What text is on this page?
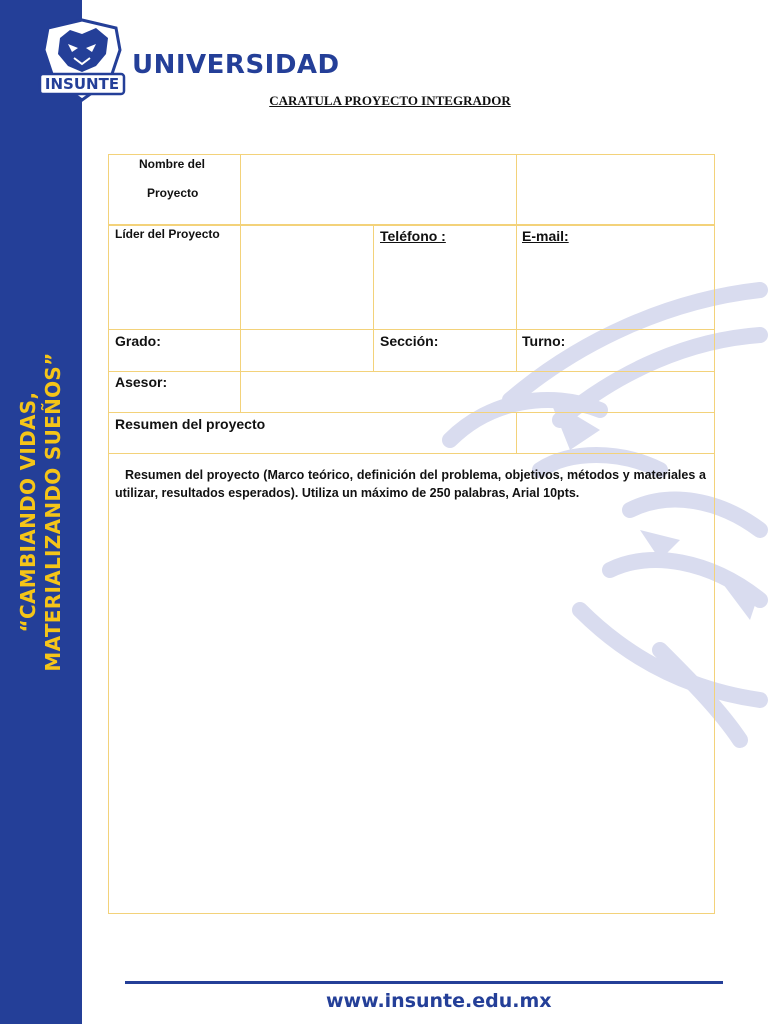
“CAMBIANDO VIDAS, MATERIALIZANDO SUEÑOS”
INSUNTE
UNIVERSIDAD
CARATULA PROYECTO INTEGRADOR
Nombre del
Proyecto
Líder del Proyecto	Teléfono :	E-mail:
Grado:	Sección:	Turno:
Asesor:
Resumen del proyecto
Resumen del proyecto (Marco teórico, definición del problema, objetivos, métodos y materiales a utilizar, resultados esperados). Utiliza un máximo de 250 palabras, Arial 10pts.
www.insunte.edu.mx
